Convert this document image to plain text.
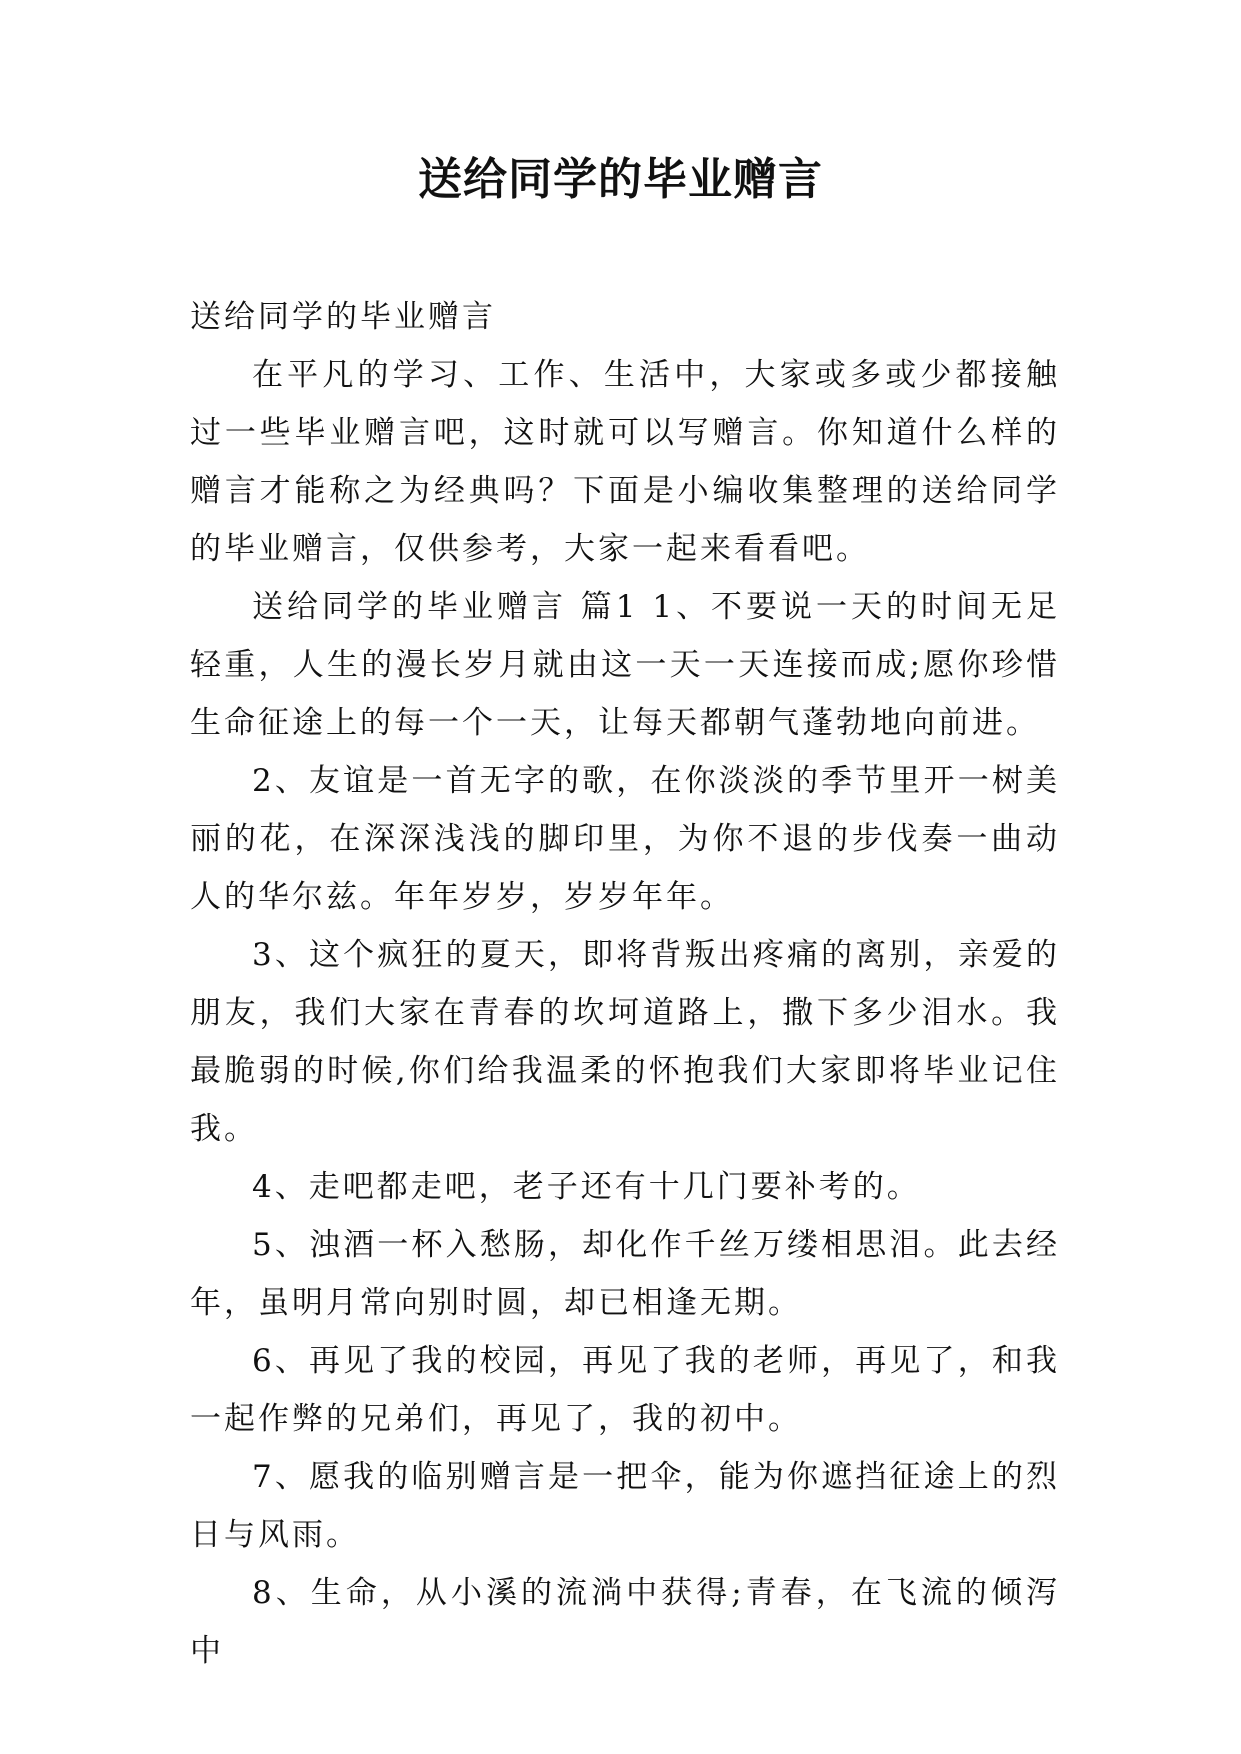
送给同学的毕业赠言

送给同学的毕业赠言

在平凡的学习、工作、生活中，大家或多或少都接触过一些毕业赠言吧，这时就可以写赠言。你知道什么样的赠言才能称之为经典吗？下面是小编收集整理的送给同学的毕业赠言，仅供参考，大家一起来看看吧。

送给同学的毕业赠言 篇1 1、不要说一天的时间无足轻重，人生的漫长岁月就由这一天一天连接而成;愿你珍惜生命征途上的每一个一天，让每天都朝气蓬勃地向前进。

2、友谊是一首无字的歌，在你淡淡的季节里开一树美丽的花，在深深浅浅的脚印里，为你不退的步伐奏一曲动人的华尔兹。年年岁岁，岁岁年年。

3、这个疯狂的夏天，即将背叛出疼痛的离别，亲爱的朋友，我们大家在青春的坎坷道路上，撒下多少泪水。我最脆弱的时候,你们给我温柔的怀抱我们大家即将毕业记住我。

4、走吧都走吧，老子还有十几门要补考的。

5、浊酒一杯入愁肠，却化作千丝万缕相思泪。此去经年，虽明月常向别时圆，却已相逢无期。

6、再见了我的校园，再见了我的老师，再见了，和我一起作弊的兄弟们，再见了，我的初中。

7、愿我的临别赠言是一把伞，能为你遮挡征途上的烈日与风雨。

8、生命，从小溪的流淌中获得;青春，在飞流的倾泻中
